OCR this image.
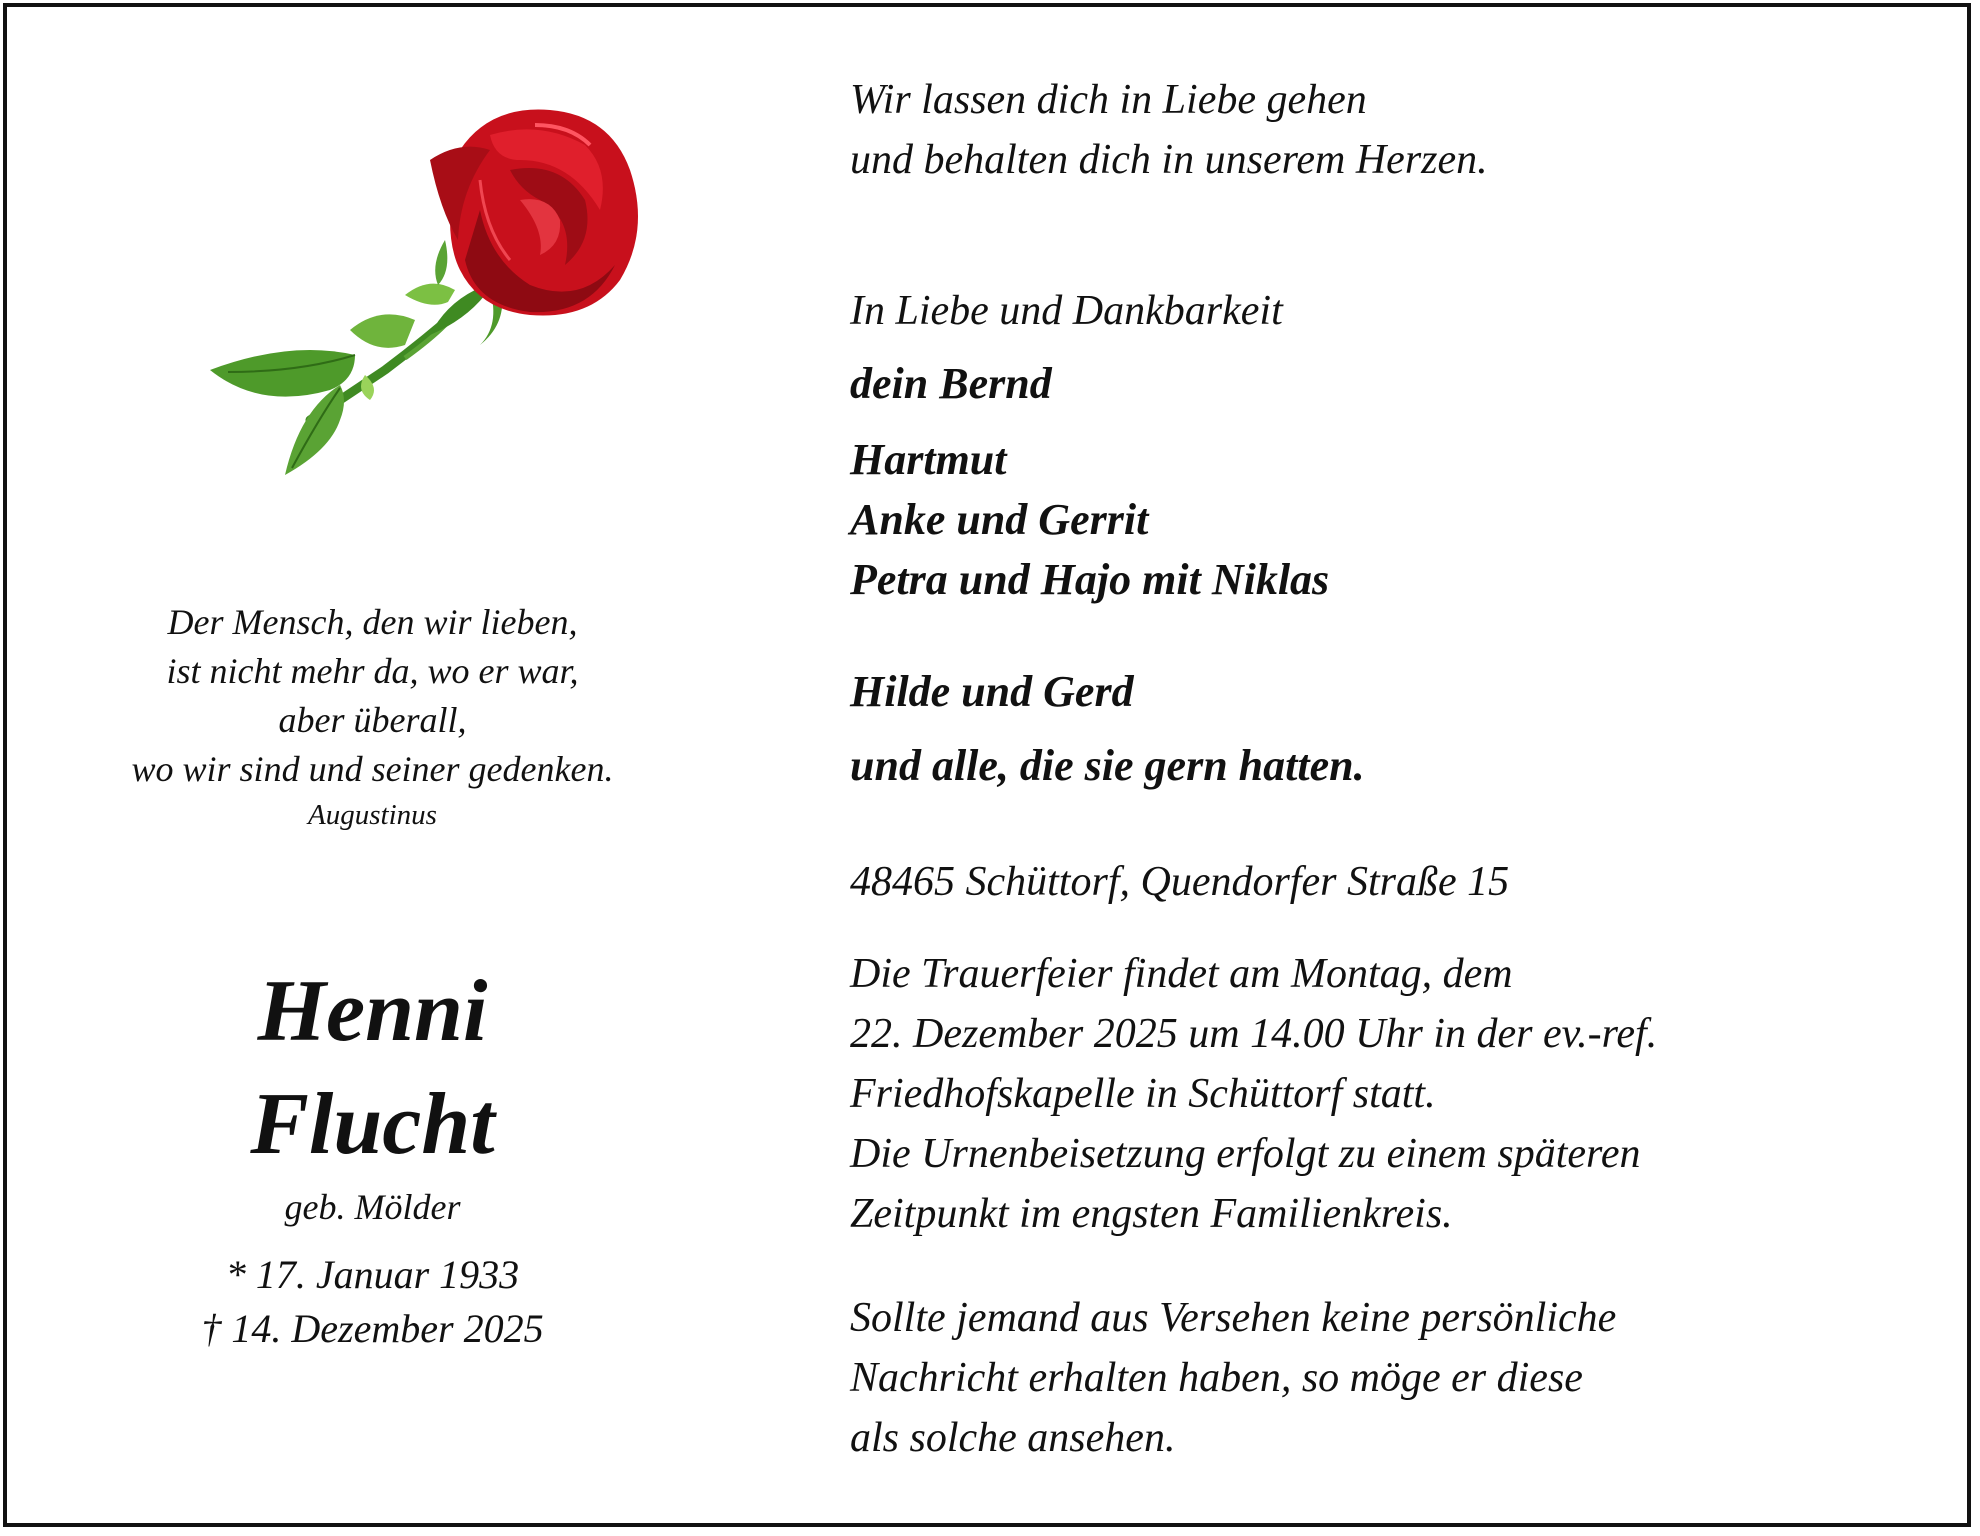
Der Mensch, den wir lieben,
ist nicht mehr da, wo er war,
aber überall,
wo wir sind und seiner gedenken.
Augustinus
Henni
Flucht
geb. Mölder
* 17. Januar 1933
† 14. Dezember 2025
Wir lassen dich in Liebe gehen
und behalten dich in unserem Herzen.
In Liebe und Dankbarkeit
dein Bernd
Hartmut
Anke und Gerrit
Petra und Hajo mit Niklas
Hilde und Gerd
und alle, die sie gern hatten.
48465 Schüttorf, Quendorfer Straße 15
Die Trauerfeier findet am Montag, dem
22. Dezember 2025 um 14.00 Uhr in der ev.-ref.
Friedhofskapelle in Schüttorf statt.
Die Urnenbeisetzung erfolgt zu einem späteren
Zeitpunkt im engsten Familienkreis.
Sollte jemand aus Versehen keine persönliche
Nachricht erhalten haben, so möge er diese
als solche ansehen.
